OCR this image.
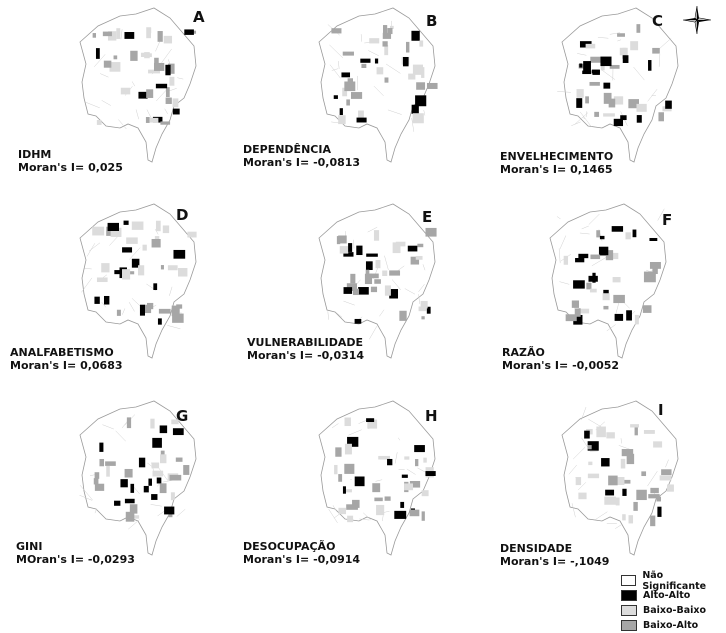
A
IDHM
Moran's I= 0,025
B
DEPENDÊNCIA
Moran's I= -0,0813
C
ENVELHECIMENTO
Moran's I= 0,1465
D
ANALFABETISMO
Moran's I= 0,0683
E
VULNERABILIDADE
Moran's I= -0,0314
F
RAZÃO
Moran's I= -0,0052
G
GINI
MOran's I= -0,0293
H
DESOCUPAÇÃO
Moran's I= -0,0914
I
DENSIDADE
Moran's I= -,1049
Não Significante
Alto-Alto
Baixo-Baixo
Baixo-Alto
